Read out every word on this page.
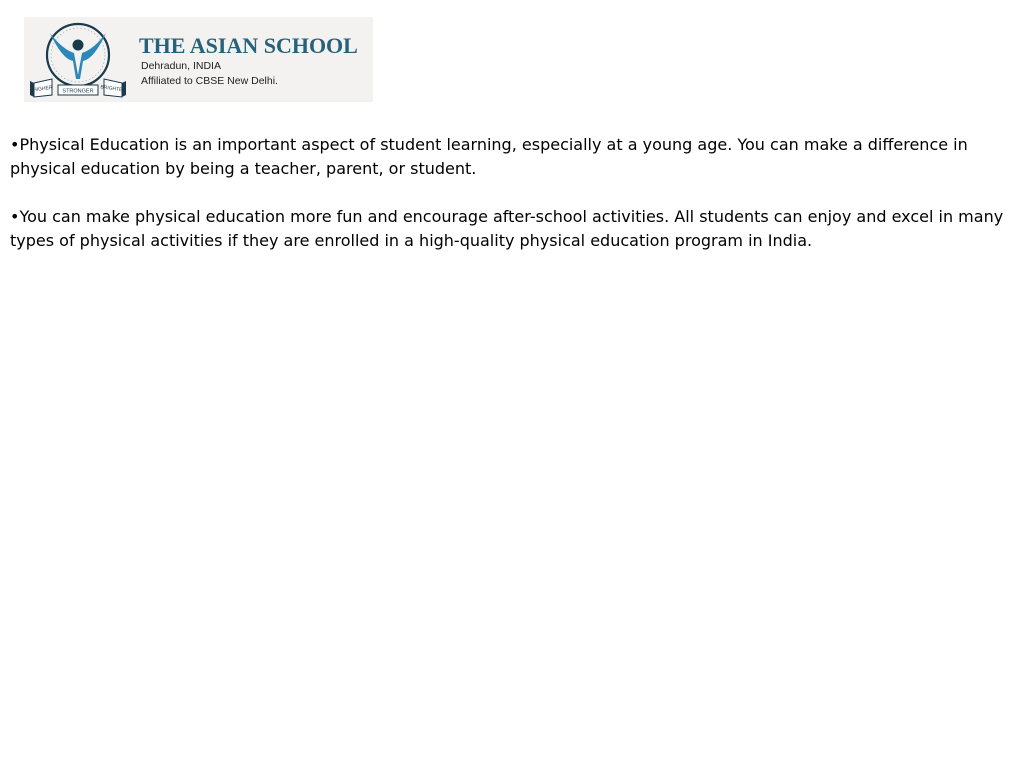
HIGHER STRONGER BRIGHTER
THE ASIAN SCHOOL
Dehradun, INDIA
Affiliated to CBSE New Delhi.

•Physical Education is an important aspect of student learning, especially at a young age. You can make a difference in physical education by being a teacher, parent, or student.

•You can make physical education more fun and encourage after-school activities. All students can enjoy and excel in many types of physical activities if they are enrolled in a high-quality physical education program in India.
